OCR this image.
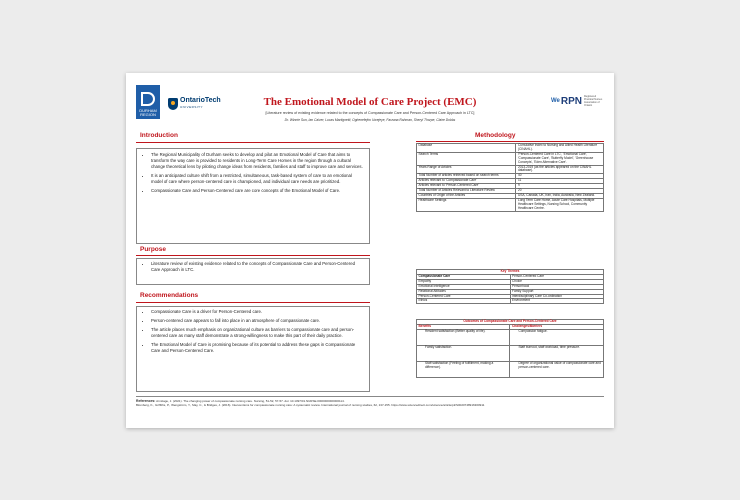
DURHAM REGION
OntarioTech
UNIVERSITY
We RPN Registered Practical Nurses Association of Ontario
The Emotional Model of Care Project (EMC)
[Literature review of existing evidence related to the concepts of Compassionate Care and Person-Centered Care Approach in LTC]
Dr. Winnie Sun, Ian Calver, Lucas Martignetti, Oghenefejiro Uwejeye, Farzana Rahman, Sheryl Thorpe, Claire Dobbs
Introduction
• The Regional Municipality of Durham seeks to develop and pilot an Emotional Model of Care that aims to transform the way care is provided to residents in Long-Term Care Homes in the region through a cultural change theoretical lens by piloting change ideas from residents, families and staff to improve care and services.
• It is an anticipated culture shift from a restricted, simultaneous, task-based system of care to an emotional model of care where person-centered care is championed, and individual care needs are prioritized.
• Compassionate Care and Person-Centered care are core concepts of the Emotional Model of Care.
Purpose
• Literature review of existing evidence related to the concepts of Compassionate Care and Person-Centered Care Approach in LTC.
Recommendations
• Compassionate Care is a driver for Person-Centered care.
• Person-centered care appears to fall into place in an atmosphere of compassionate care.
• The article places much emphasis on organizational culture as barriers to compassionate care and person-centered care as many staff demonstrate a strong-willingness to make this part of their daily practice.
• The Emotional Model of Care is promising because of its potential to address these gaps in Compassionate Care and Person-Centered Care.
Methodology
Database	Cumulative Index to Nursing and Allied Health Literature (CINAHL).
Search Terms	'Person-Centered Care in LTC', 'Emotional Care', 'Compassionate Care', 'Butterfly Model', 'Greenhouse Concepts', 'Eden Alternative Care'.
Years Range of Articles	2013-2019 (as the articles appeared on the CINAHL database).
Total Number of articles retrieved based on search terms	40
Articles relevant to 'Compassionate Care'	11
Articles relevant to 'Person-Centered Care'	9
Total Number of Articles Relevant to Literature Review	20
Countries of Origin of the Articles	USA, Canada, UK, Iran, India, Australia, New Zealand.
Healthcare Settings	Long Term Care Home, Acute Care Hospitals, Multiple Healthcare Settings, Nursing School, Community Healthcare Centre.
Key Themes	
Compassionate Care	Person-Centered Care
Empathy	Choice
Emotional Intelligence	Personhood
Relational Attitudes	Family Support
Person-Centered Care	Interdisciplinary Care Co-ordination
Ethics	Environment
Outcomes of Compassionate Care and Person-Centered Care	
Benefits	Challenges/Barriers
Resident satisfaction (Better quality of life).	Compassion fatigue.
Family satisfaction.	Staff burnout, staff workload, time pressure.
Staff satisfaction (Feeling of fulfillment, making a difference).	Degree of organizational value of compassionate care and person-centered care.
References: Armitage, J. (2021). The changing power of compassionate nursing care. Nursing, 51-52, 57-57. doi: 10.1097/01.NURSE.0000000000000114.
Blomberg, K., Griffiths, P., Wengström, Y., May, C., & Bridges, J. (2016). Interventions for compassionate nursing care: A systematic review. International journal of nursing studies, 62, 137-155. https://www.sciencedirect.com/science/article/pii/S0020748916300911
